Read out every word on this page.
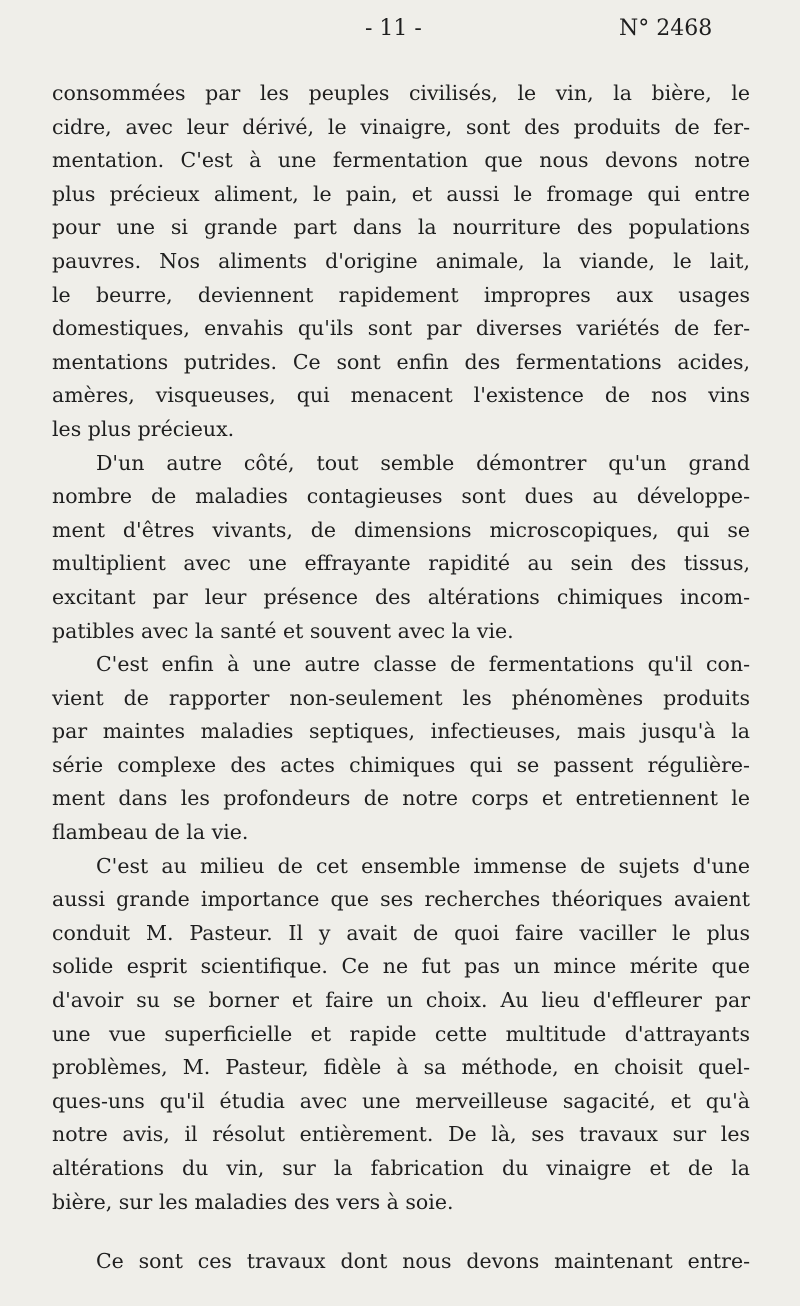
- 11 -	N° 2468
consommées par les peuples civilisés, le vin, la bière, le
cidre, avec leur dérivé, le vinaigre, sont des produits de fer-
mentation. C'est à une fermentation que nous devons notre
plus précieux aliment, le pain, et aussi le fromage qui entre
pour une si grande part dans la nourriture des populations
pauvres. Nos aliments d'origine animale, la viande, le lait,
le beurre, deviennent rapidement impropres aux usages
domestiques, envahis qu'ils sont par diverses variétés de fer-
mentations putrides. Ce sont enfin des fermentations acides,
amères, visqueuses, qui menacent l'existence de nos vins
les plus précieux.
D'un autre côté, tout semble démontrer qu'un grand
nombre de maladies contagieuses sont dues au développe-
ment d'êtres vivants, de dimensions microscopiques, qui se
multiplient avec une effrayante rapidité au sein des tissus,
excitant par leur présence des altérations chimiques incom-
patibles avec la santé et souvent avec la vie.
C'est enfin à une autre classe de fermentations qu'il con-
vient de rapporter non-seulement les phénomènes produits
par maintes maladies septiques, infectieuses, mais jusqu'à la
série complexe des actes chimiques qui se passent régulière-
ment dans les profondeurs de notre corps et entretiennent le
flambeau de la vie.
C'est au milieu de cet ensemble immense de sujets d'une
aussi grande importance que ses recherches théoriques avaient
conduit M. Pasteur. Il y avait de quoi faire vaciller le plus
solide esprit scientifique. Ce ne fut pas un mince mérite que
d'avoir su se borner et faire un choix. Au lieu d'effleurer par
une vue superficielle et rapide cette multitude d'attrayants
problèmes, M. Pasteur, fidèle à sa méthode, en choisit quel-
ques-uns qu'il étudia avec une merveilleuse sagacité, et qu'à
notre avis, il résolut entièrement. De là, ses travaux sur les
altérations du vin, sur la fabrication du vinaigre et de la
bière, sur les maladies des vers à soie.
Ce sont ces travaux dont nous devons maintenant entre-
